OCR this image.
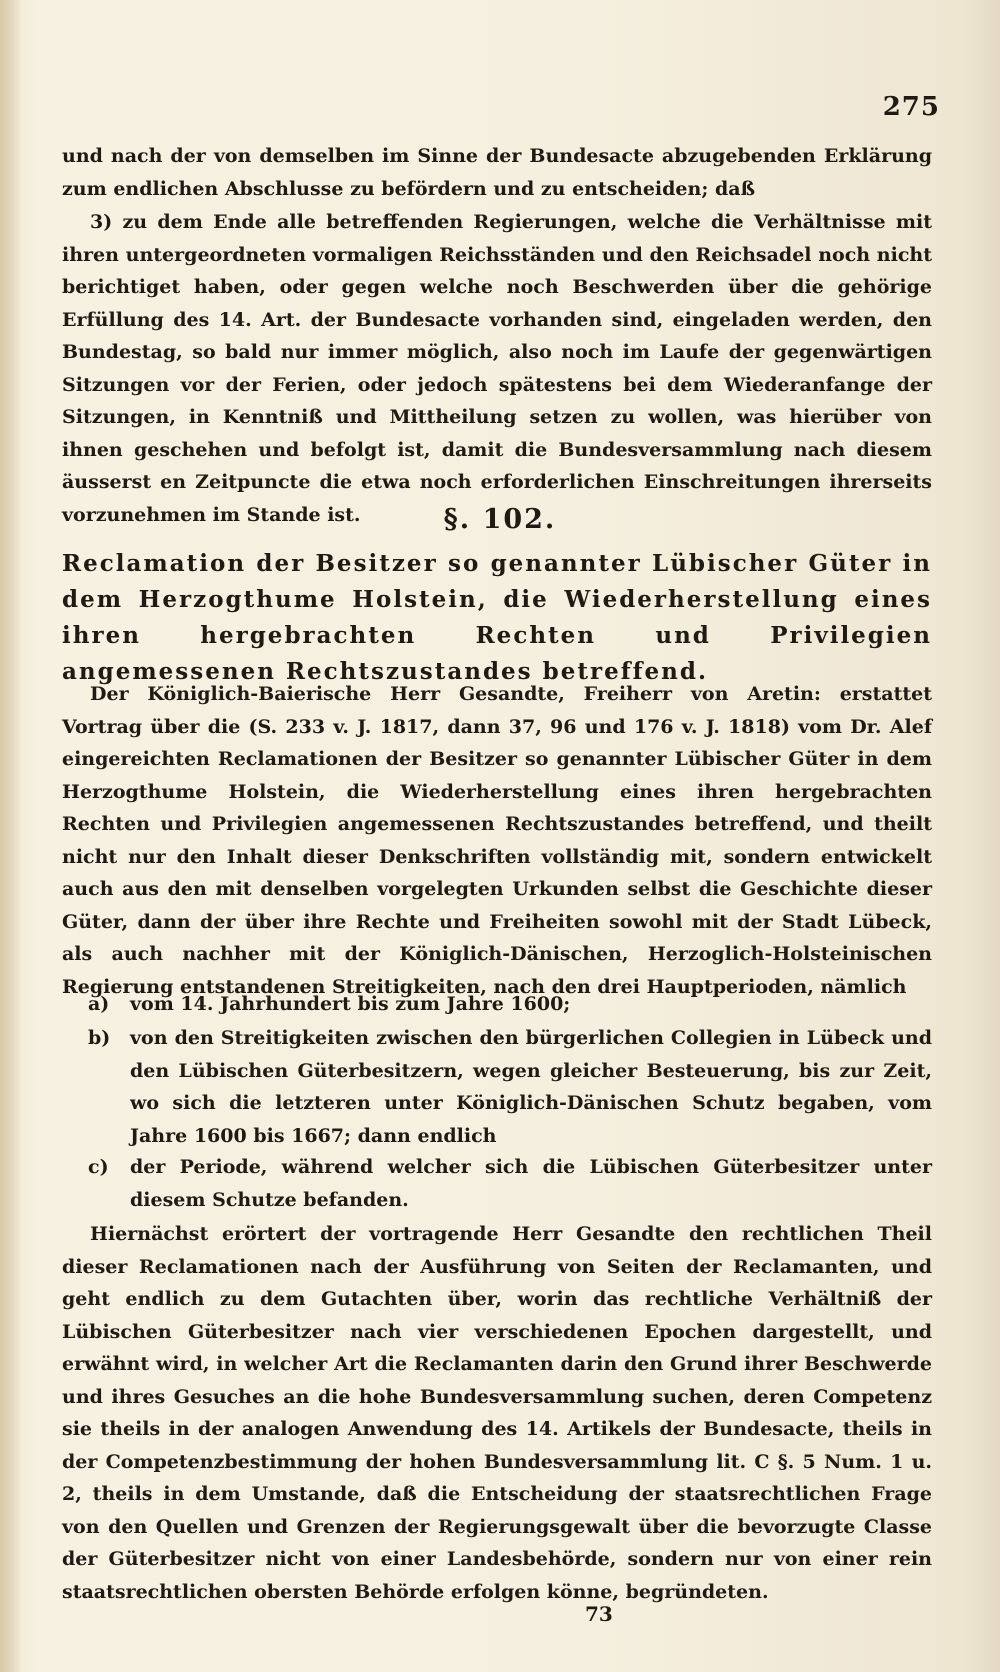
275
und nach der von demselben im Sinne der Bundesacte abzugebenden Erklärung zum endlichen Abschlusse zu befördern und zu entscheiden; daß
3) zu dem Ende alle betreffenden Regierungen, welche die Verhältnisse mit ihren untergeordneten vormaligen Reichsständen und den Reichsadel noch nicht berichtiget haben, oder gegen welche noch Beschwerden über die gehörige Erfüllung des 14. Art. der Bundesacte vorhanden sind, eingeladen werden, den Bundestag, so bald nur immer möglich, also noch im Laufe der gegenwärtigen Sitzungen vor der Ferien, oder jedoch spätestens bei dem Wiederanfange der Sitzungen, in Kenntniß und Mittheilung setzen zu wollen, was hierüber von ihnen geschehen und befolgt ist, damit die Bundesversammlung nach diesem äusserst en Zeitpuncte die etwa noch erforderlichen Einschreitungen ihrerseits vorzunehmen im Stande ist.	§. 102.
Reclamation der Besitzer so genannter Lübischer Güter in dem Herzogthume Holstein, die Wiederherstellung eines ihren hergebrachten Rechten und Privilegien angemessenen Rechtszustandes betreffend.
Der Königlich-Baierische Herr Gesandte, Freiherr von Aretin: erstattet Vortrag über die (S. 233 v. J. 1817, dann 37, 96 und 176 v. J. 1818) vom Dr. Alef eingereichten Reclamationen der Besitzer so genannter Lübischer Güter in dem Herzogthume Holstein, die Wiederherstellung eines ihren hergebrachten Rechten und Privilegien angemessenen Rechtszustandes betreffend, und theilt nicht nur den Inhalt dieser Denkschriften vollständig mit, sondern entwickelt auch aus den mit denselben vorgelegten Urkunden selbst die Geschichte dieser Güter, dann der über ihre Rechte und Freiheiten sowohl mit der Stadt Lübeck, als auch nachher mit der Königlich-Dänischen, Herzoglich-Holsteinischen Regierung entstandenen Streitigkeiten, nach den drei Hauptperioden, nämlich
a) vom 14. Jahrhundert bis zum Jahre 1600;
b) von den Streitigkeiten zwischen den bürgerlichen Collegien in Lübeck und den Lübischen Güterbesitzern, wegen gleicher Besteuerung, bis zur Zeit, wo sich die letzteren unter Königlich-Dänischen Schutz begaben, vom Jahre 1600 bis 1667; dann endlich
c) der Periode, während welcher sich die Lübischen Güterbesitzer unter diesem Schutze befanden.
Hiernächst erörtert der vortragende Herr Gesandte den rechtlichen Theil dieser Reclamationen nach der Ausführung von Seiten der Reclamanten, und geht endlich zu dem Gutachten über, worin das rechtliche Verhältniß der Lübischen Güterbesitzer nach vier verschiedenen Epochen dargestellt, und erwähnt wird, in welcher Art die Reclamanten darin den Grund ihrer Beschwerde und ihres Gesuches an die hohe Bundesversammlung suchen, deren Competenz sie theils in der analogen Anwendung des 14. Artikels der Bundesacte, theils in der Competenzbestimmung der hohen Bundesversammlung lit. C §. 5 Num. 1 u. 2, theils in dem Umstande, daß die Entscheidung der staatsrechtlichen Frage von den Quellen und Grenzen der Regierungsgewalt über die bevorzugte Classe der Güterbesitzer nicht von einer Landesbehörde, sondern nur von einer rein staatsrechtlichen obersten Behörde erfolgen könne, begründeten.
73
